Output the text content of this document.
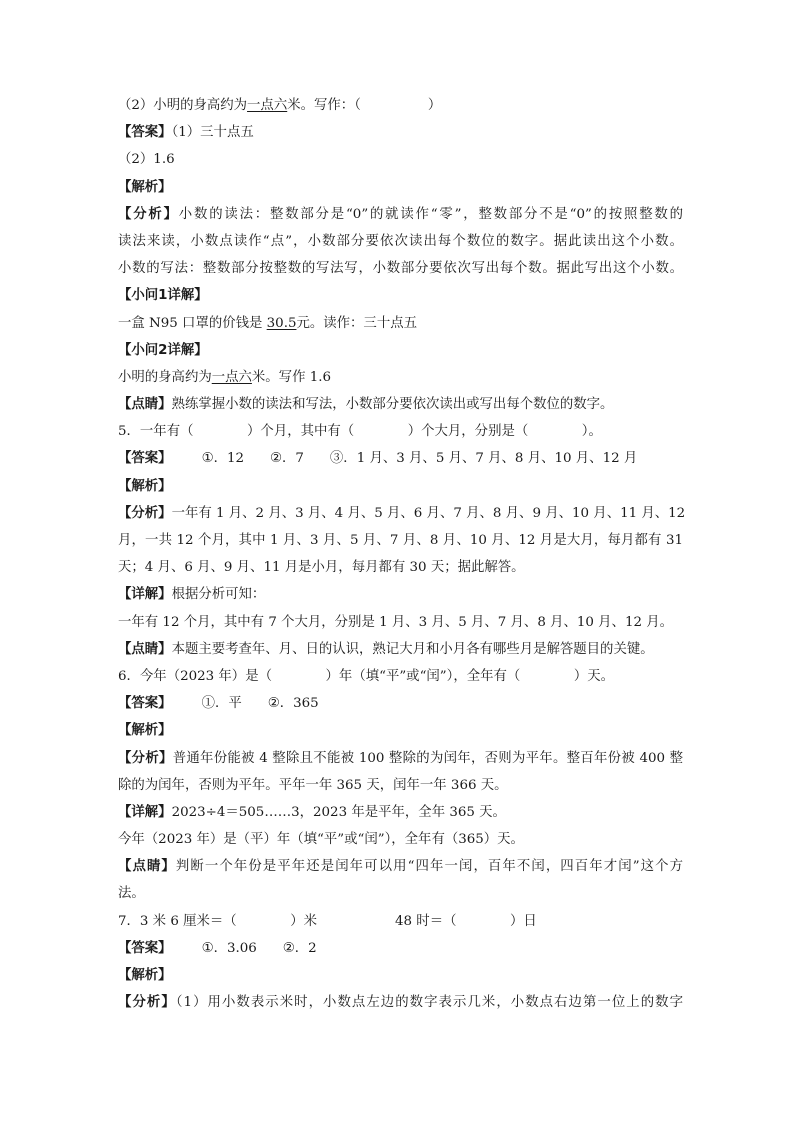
（2）小明的身高约为一点六米。写作：（　　　　　）
【答案】（1）三十点五
（2）1.6
【解析】
【分析】小数的读法：整数部分是“0”的就读作“零”，整数部分不是“0”的按照整数的
读法来读，小数点读作“点”，小数部分要依次读出每个数位的数字。据此读出这个小数。
小数的写法：整数部分按整数的写法写，小数部分要依次写出每个数。据此写出这个小数。
【小问1详解】
一盒 N95 口罩的价钱是 30.5元。读作：三十点五
【小问2详解】
小明的身高约为一点六米。写作 1.6
【点睛】熟练掌握小数的读法和写法，小数部分要依次读出或写出每个数位的数字。
5．一年有（　　　　）个月，其中有（　　　　）个大月，分别是（　　　　）。
【答案】 ①．12 ②．7 ③．1 月、3 月、5 月、7 月、8 月、10 月、12 月
【解析】
【分析】一年有 1 月、2 月、3 月、4 月、5 月、6 月、7 月、8 月、9 月、10 月、11 月、12
月，一共 12 个月，其中 1 月、3 月、5 月、7 月、8 月、10 月、12 月是大月，每月都有 31
天；4 月、6 月、9 月、11 月是小月，每月都有 30 天；据此解答。
【详解】根据分析可知：
一年有 12 个月，其中有 7 个大月，分别是 1 月、3 月、5 月、7 月、8 月、10 月、12 月。
【点睛】本题主要考查年、月、日的认识，熟记大月和小月各有哪些月是解答题目的关键。
6．今年（2023 年）是（　　　　）年（填“平”或“闰”），全年有（　　　　）天。
【答案】 ①．平 ②．365
【解析】
【分析】普通年份能被 4 整除且不能被 100 整除的为闰年，否则为平年。整百年份被 400 整
除的为闰年，否则为平年。平年一年 365 天，闰年一年 366 天。
【详解】2023÷4＝505……3，2023 年是平年，全年 365 天。
今年（2023 年）是（平）年（填“平”或“闰”），全年有（365）天。
【点睛】判断一个年份是平年还是闰年可以用“四年一闰，百年不闰，四百年才闰”这个方
法。
7．3 米 6 厘米＝（　　　　）米	48 时＝（　　　　）日
【答案】 ①．3.06 ②．2
【解析】
【分析】（1）用小数表示米时，小数点左边的数字表示几米，小数点右边第一位上的数字
